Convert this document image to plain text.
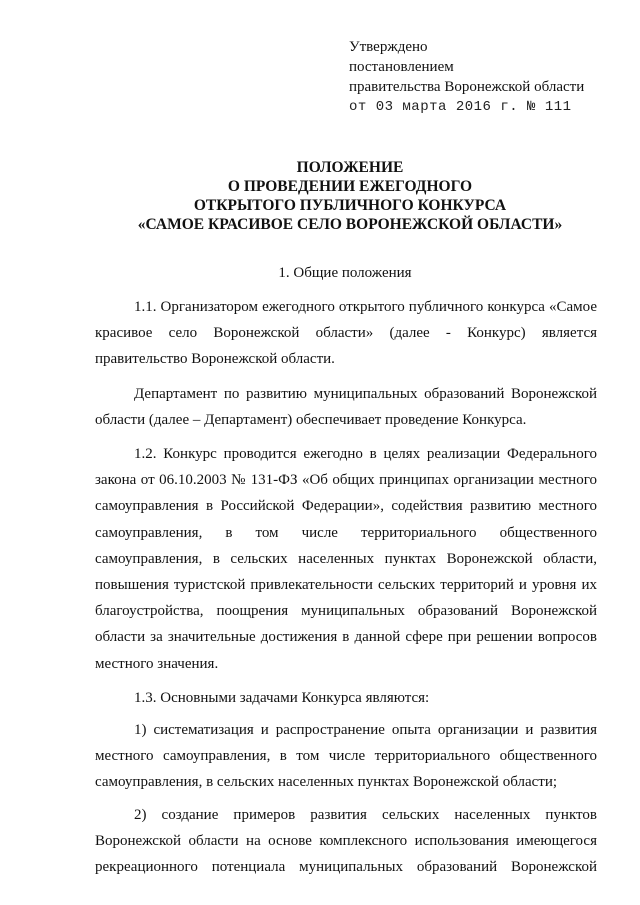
Утверждено
постановлением
правительства Воронежской области
от 03 марта 2016 г. № 111
ПОЛОЖЕНИЕ
О ПРОВЕДЕНИИ ЕЖЕГОДНОГО
ОТКРЫТОГО ПУБЛИЧНОГО КОНКУРСА
«САМОЕ КРАСИВОЕ СЕЛО ВОРОНЕЖСКОЙ ОБЛАСТИ»
1. Общие положения

1.1. Организатором ежегодного открытого публичного конкурса «Самое красивое село Воронежской области» (далее - Конкурс) является правительство Воронежской области.

Департамент по развитию муниципальных образований Воронежской области (далее – Департамент) обеспечивает проведение Конкурса.

1.2. Конкурс проводится ежегодно в целях реализации Федерального закона от 06.10.2003 № 131-ФЗ «Об общих принципах организации местного самоуправления в Российской Федерации», содействия развитию местного самоуправления, в том числе территориального общественного самоуправления, в сельских населенных пунктах Воронежской области, повышения туристской привлекательности сельских территорий и уровня их благоустройства, поощрения муниципальных образований Воронежской области за значительные достижения в данной сфере при решении вопросов местного значения.

1.3. Основными задачами Конкурса являются:

1) систематизация и распространение опыта организации и развития местного самоуправления, в том числе территориального общественного самоуправления, в сельских населенных пунктах Воронежской области;

2) создание примеров развития сельских населенных пунктов Воронежской области на основе комплексного использования имеющегося рекреационного потенциала муниципальных образований Воронежской
